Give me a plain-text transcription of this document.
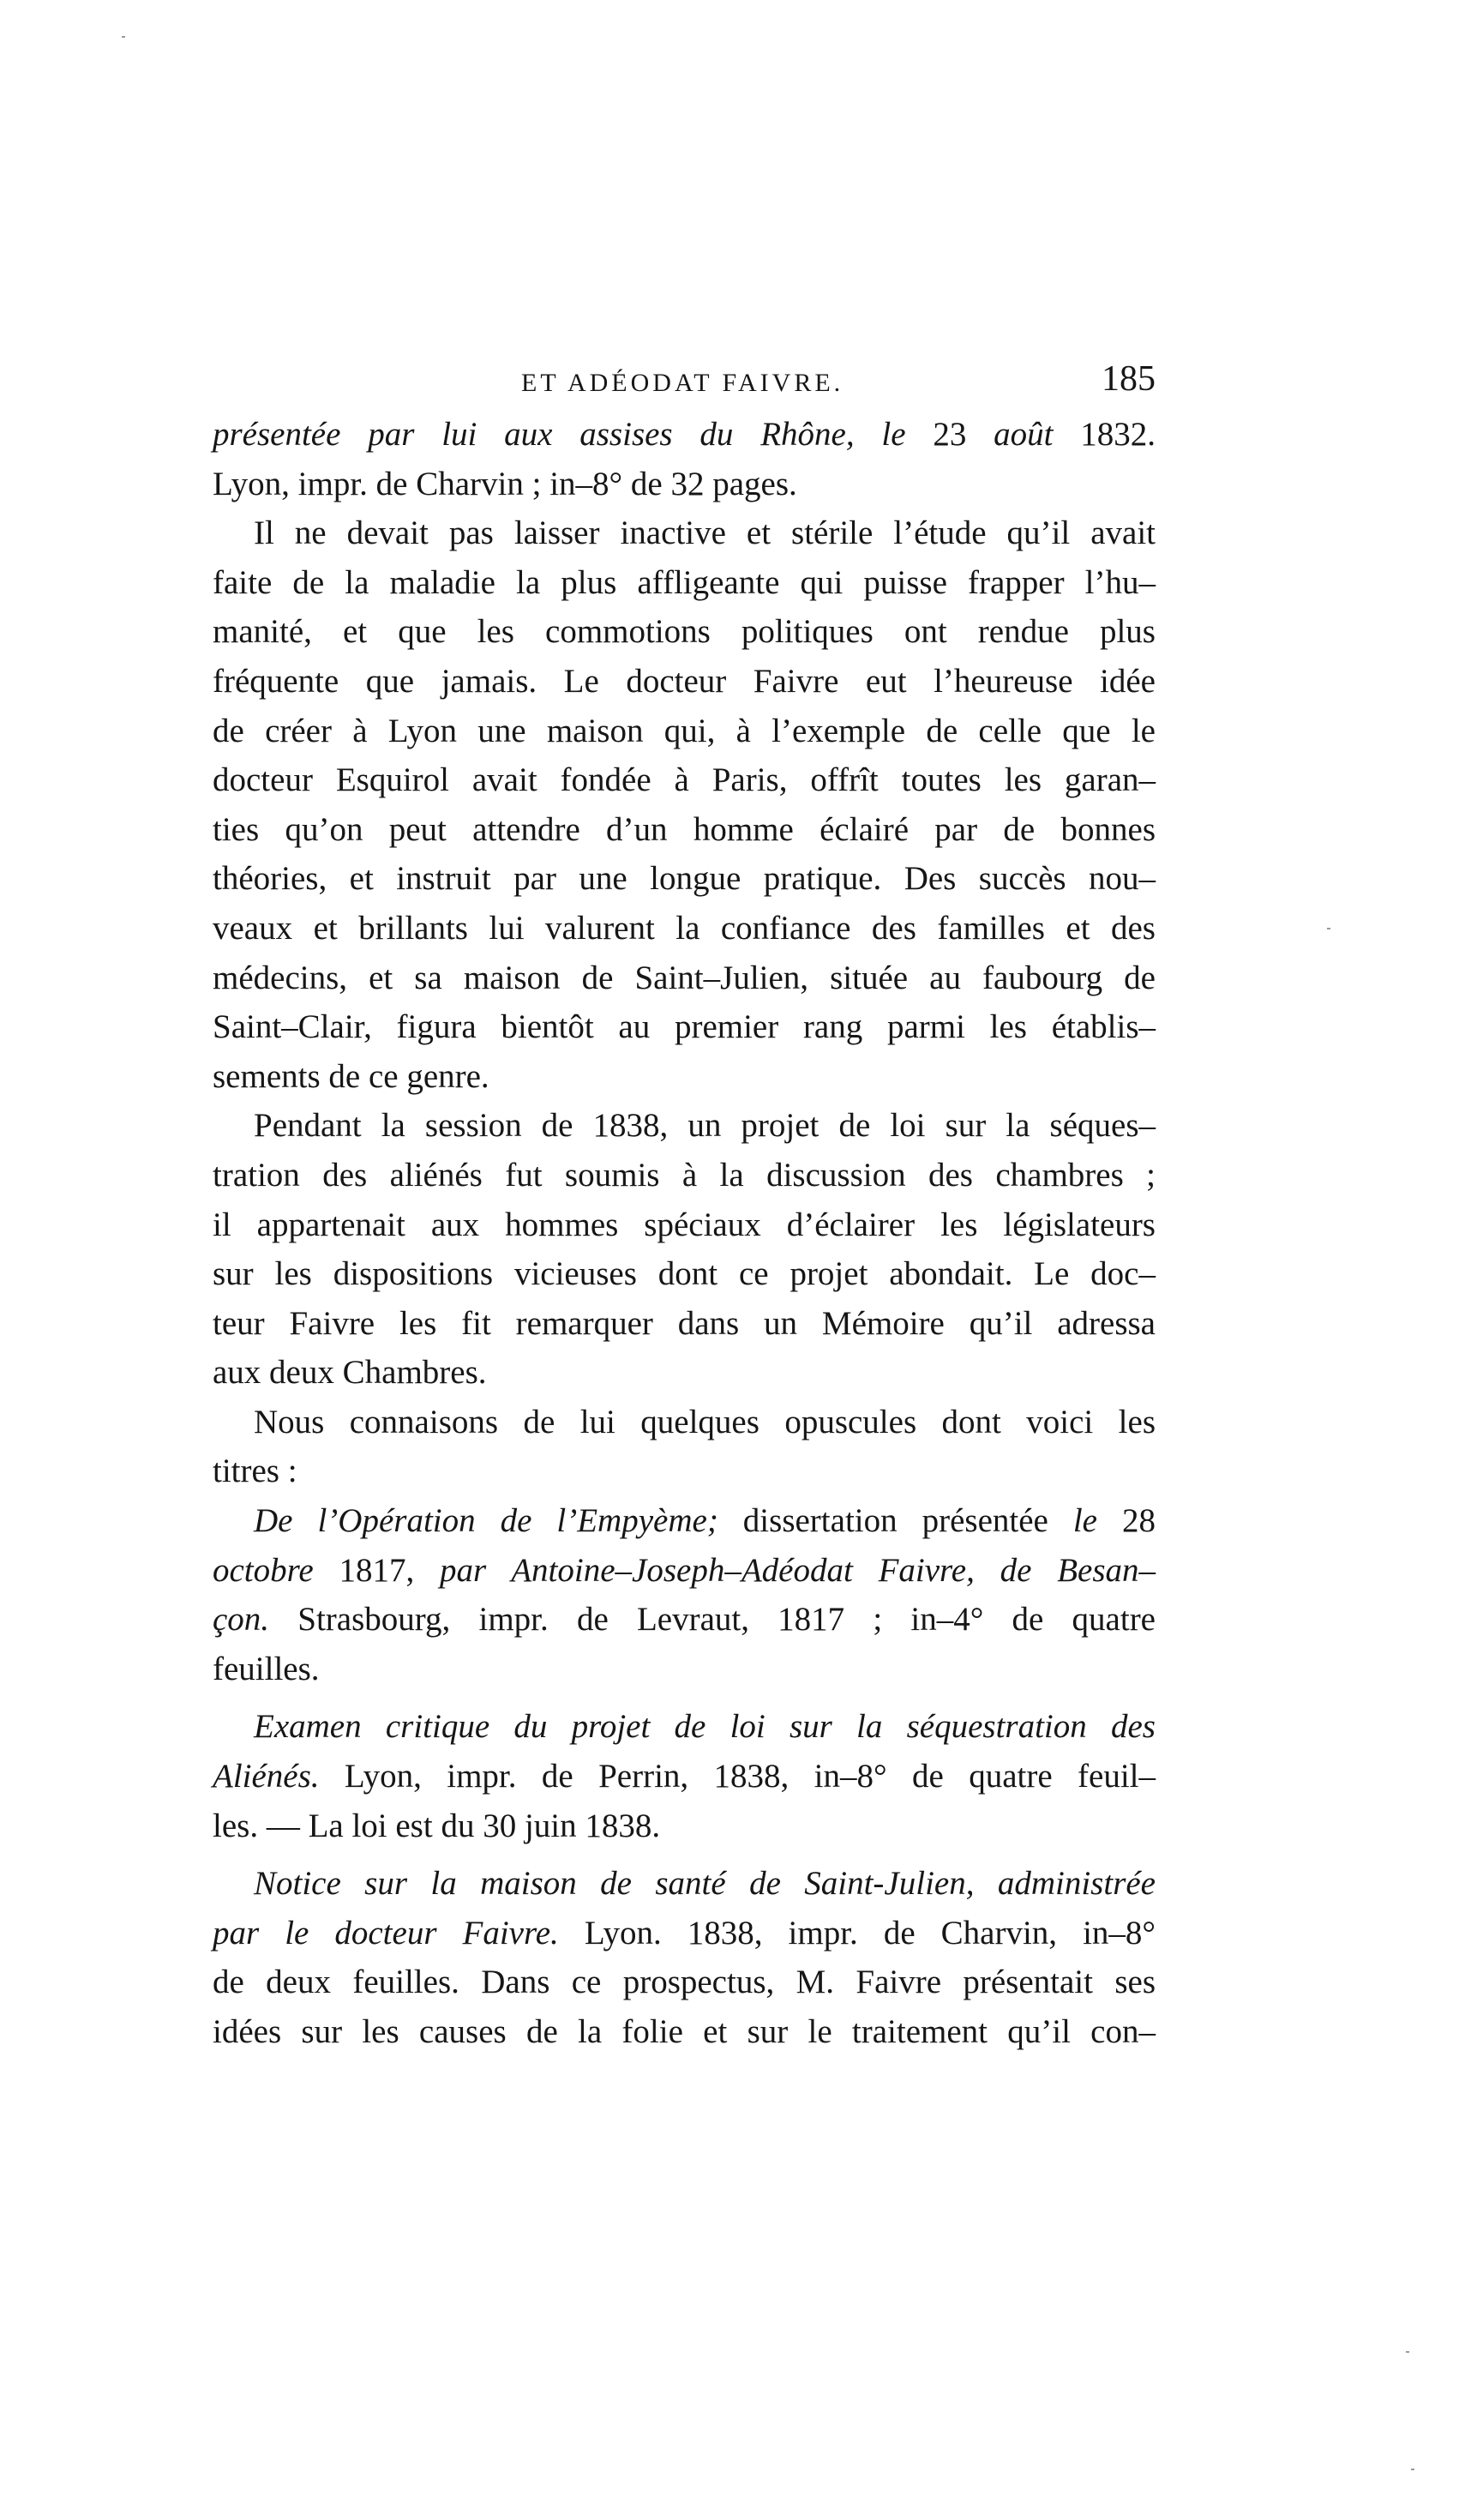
ET ADÉODAT FAIVRE.	185
présentée par lui aux assises du Rhône, le 23 août 1832.
Lyon, impr. de Charvin ; in–8° de 32 pages.
Il ne devait pas laisser inactive et stérile l’étude qu’il avait
faite de la maladie la plus affligeante qui puisse frapper l’hu–
manité, et que les commotions politiques ont rendue plus
fréquente que jamais. Le docteur Faivre eut l’heureuse idée
de créer à Lyon une maison qui, à l’exemple de celle que le
docteur Esquirol avait fondée à Paris, offrît toutes les garan–
ties qu’on peut attendre d’un homme éclairé par de bonnes
théories, et instruit par une longue pratique. Des succès nou–
veaux et brillants lui valurent la confiance des familles et des
médecins, et sa maison de Saint–Julien, située au faubourg de
Saint–Clair, figura bientôt au premier rang parmi les établis–
sements de ce genre.
Pendant la session de 1838, un projet de loi sur la séques–
tration des aliénés fut soumis à la discussion des chambres ;
il appartenait aux hommes spéciaux d’éclairer les législateurs
sur les dispositions vicieuses dont ce projet abondait. Le doc–
teur Faivre les fit remarquer dans un Mémoire qu’il adressa
aux deux Chambres.
Nous connaisons de lui quelques opuscules dont voici les
titres :
De l’Opération de l’Empyème; dissertation présentée le 28
octobre 1817, par Antoine–Joseph–Adéodat Faivre, de Besan–
çon. Strasbourg, impr. de Levraut, 1817 ; in–4° de quatre
feuilles.
Examen critique du projet de loi sur la séquestration des
Aliénés. Lyon, impr. de Perrin, 1838, in–8° de quatre feuil–
les. — La loi est du 30 juin 1838.
Notice sur la maison de santé de Saint-Julien, administrée
par le docteur Faivre. Lyon. 1838, impr. de Charvin, in–8°
de deux feuilles. Dans ce prospectus, M. Faivre présentait ses
idées sur les causes de la folie et sur le traitement qu’il con–
